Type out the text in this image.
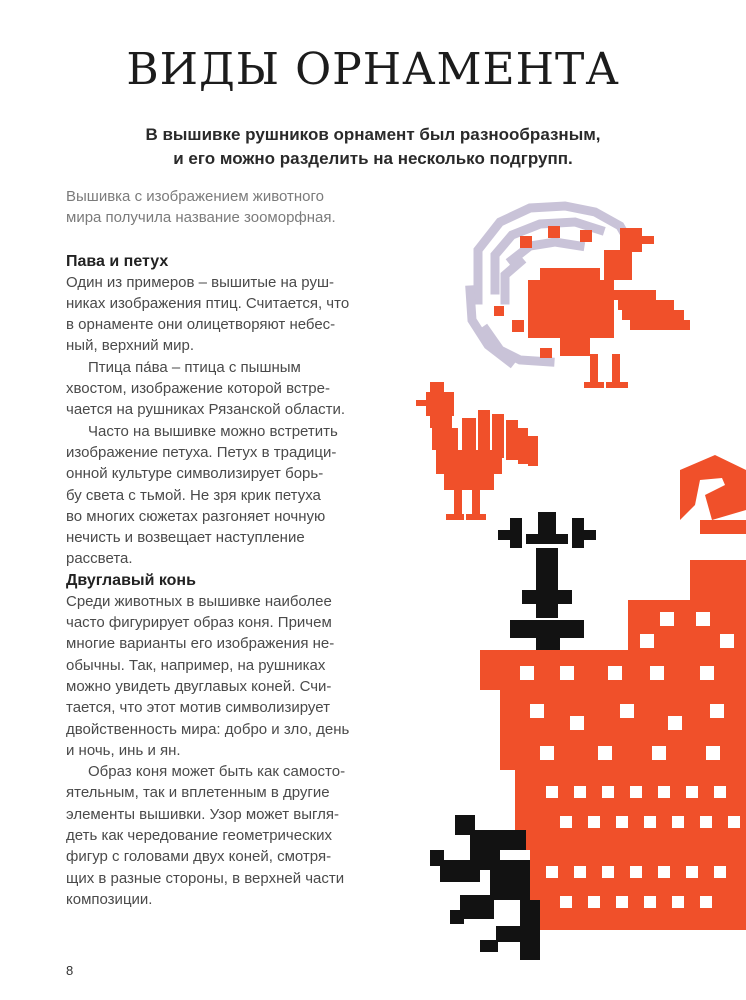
ВИДЫ ОРНАМЕНТА
В вышивке рушников орнамент был разнообразным,
и его можно разделить на несколько подгрупп.

Вышивка с изображением животного
мира получила название зооморфная.

Пава и петух

Один из примеров – вышитые на руш-
никах изображения птиц. Считается, что
в орнаменте они олицетворяют небес-
ный, верхний мир.

Птица па́ва – птица с пышным
хвостом, изображение которой встре-
чается на рушниках Рязанской области.

Часто на вышивке можно встретить
изображение петуха. Петух в традици-
онной культуре символизирует борь-
бу света с тьмой. Не зря крик петуха
во многих сюжетах разгоняет ночную
нечисть и возвещает наступление
рассвета.

Двуглавый конь

Среди животных в вышивке наиболее
часто фигурирует образ коня. Причем
многие варианты его изображения не-
обычны. Так, например, на рушниках
можно увидеть двуглавых коней. Счи-
тается, что этот мотив символизирует
двойственность мира: добро и зло, день
и ночь, инь и ян.

Образ коня может быть как самосто-
ятельным, так и вплетенным в другие
элементы вышивки. Узор может выгля-
деть как чередование геометрических
фигур с головами двух коней, смотря-
щих в разные стороны, в верхней части
композиции.

8
